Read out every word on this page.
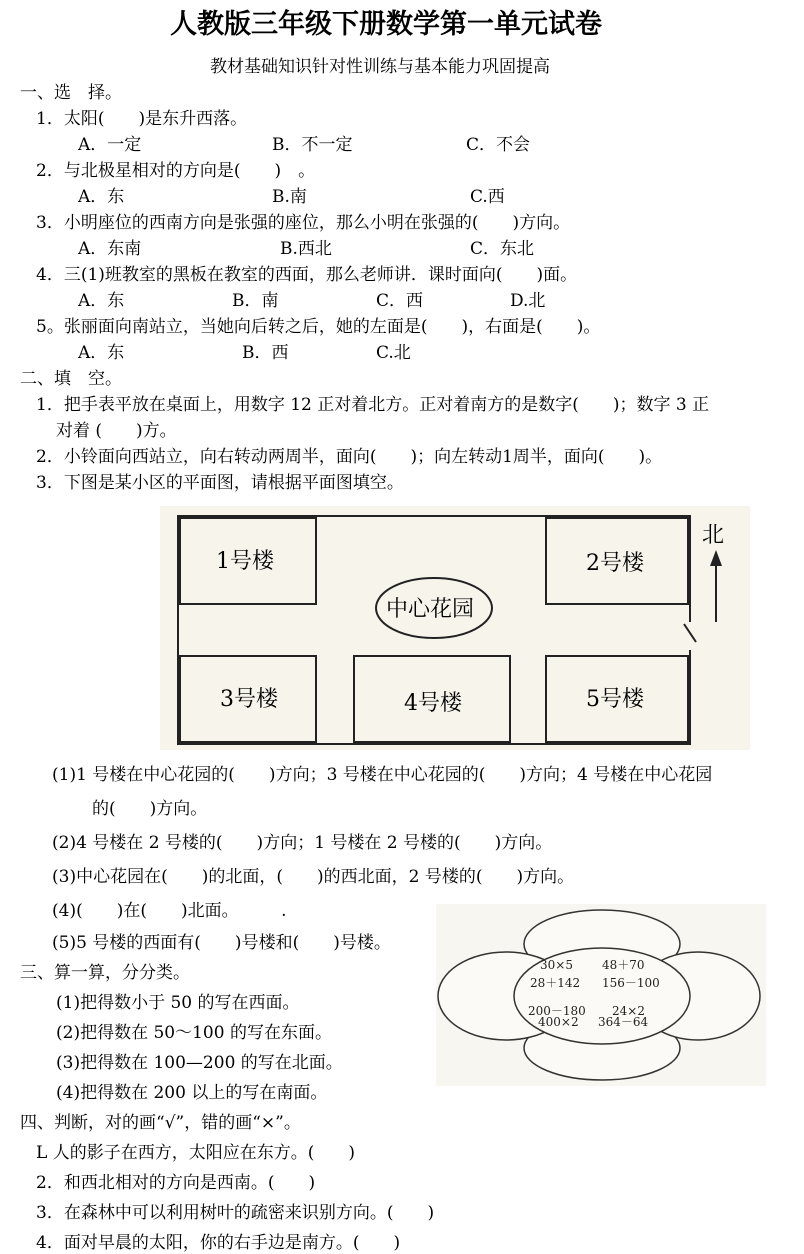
人教版三年级下册数学第一单元试卷
教材基础知识针对性训练与基本能力巩固提高
一、选　择。
1．太阳(　　)是东升西落。
A．一定	B．不一定	C．不会
2．与北极星相对的方向是(　　)　。
A．东	B.南	C.西
3．小明座位的西南方向是张强的座位，那么小明在张强的(　　)方向。
A．东南	B.西北	C．东北
4．三(1)班教室的黑板在教室的西面，那么老师讲．课时面向(　　)面。
A．东	B．南	C．西	D.北
5。张丽面向南站立，当她向后转之后，她的左面是(　　)，右面是(　　)。
A．东	B．西	C.北
二、填　空。
1．把手表平放在桌面上，用数字 12 正对着北方。正对着南方的是数字(　　)；数字 3 正
对着 (　　)方。
2．小铃面向西站立，向右转动两周半，面向(　　)；向左转动1周半，面向(　　)。
3．下图是某小区的平面图，请根据平面图填空。
北
1号楼	2号楼
3号楼	4号楼	5号楼
中心花园
(1)1 号楼在中心花园的(　　)方向；3 号楼在中心花园的(　　)方向；4 号楼在中心花园
的(　　)方向。
(2)4 号楼在 2 号楼的(　　)方向；1 号楼在 2 号楼的(　　)方向。
(3)中心花园在(　　)的北面，(　　)的西北面，2 号楼的(　　)方向。
(4)(　　)在(　　)北面。　　　.
(5)5 号楼的西面有(　　)号楼和(　　)号楼。
三、算一算，分分类。
(1)把得数小于 50 的写在西面。
(2)把得数在 50～100 的写在东面。
(3)把得数在 100—200 的写在北面。
(4)把得数在 200 以上的写在南面。
30×5 48＋70
28＋142 156－100
200－180 24×2
400×2 364－64
四、判断，对的画“√”，错的画“×”。
L 人的影子在西方，太阳应在东方。(　　)
2．和西北相对的方向是西南。(　　)
3．在森林中可以利用树叶的疏密来识别方向。(　　)
4．面对早晨的太阳，你的右手边是南方。(　　)
